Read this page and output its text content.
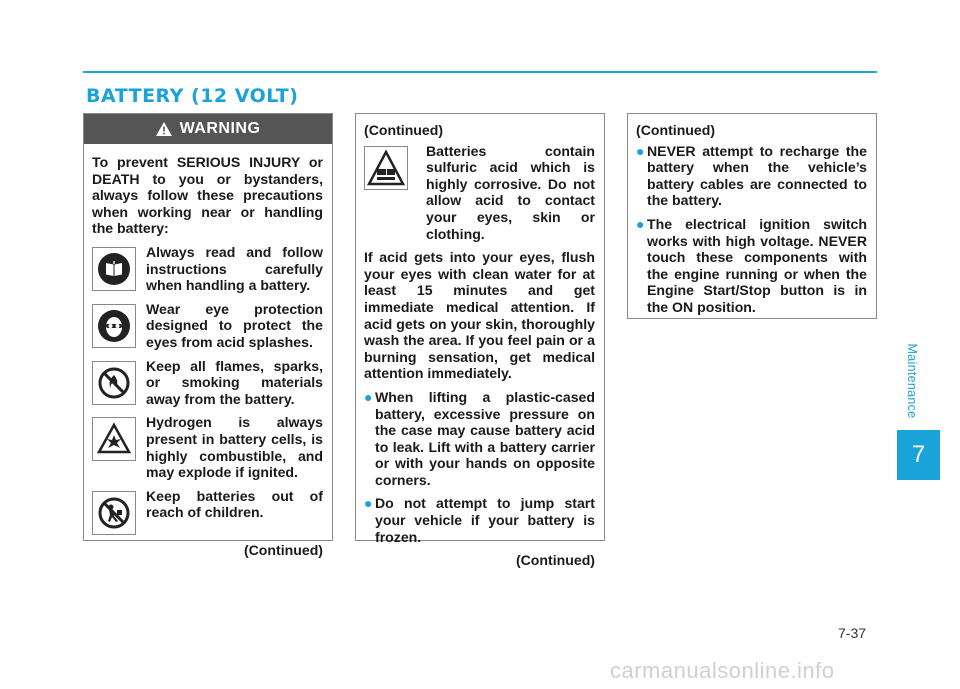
BATTERY (12 VOLT)
WARNING

To prevent SERIOUS INJURY or DEATH to you or bystanders, always follow these precautions when working near or handling the battery:

Always read and follow instructions carefully when handling a battery.
Wear eye protection designed to protect the eyes from acid splashes.
Keep all flames, sparks, or smoking materials away from the battery.
Hydrogen is always present in battery cells, is highly combustible, and may explode if ignited.
Keep batteries out of reach of children.

(Continued)

(Continued)

Batteries contain sulfuric acid which is highly corrosive. Do not allow acid to contact your eyes, skin or clothing.

If acid gets into your eyes, flush your eyes with clean water for at least 15 minutes and get immediate medical attention. If acid gets on your skin, thoroughly wash the area. If you feel pain or a burning sensation, get medical attention immediately.

● When lifting a plastic-cased battery, excessive pressure on the case may cause battery acid to leak. Lift with a battery carrier or with your hands on opposite corners.
● Do not attempt to jump start your vehicle if your battery is frozen.

(Continued)

(Continued)

● NEVER attempt to recharge the battery when the vehicle’s battery cables are connected to the battery.
● The electrical ignition switch works with high voltage. NEVER touch these components with the engine running or when the Engine Start/Stop button is in the ON position.
Maintenance
7
7-37
carmanualsonline.info
